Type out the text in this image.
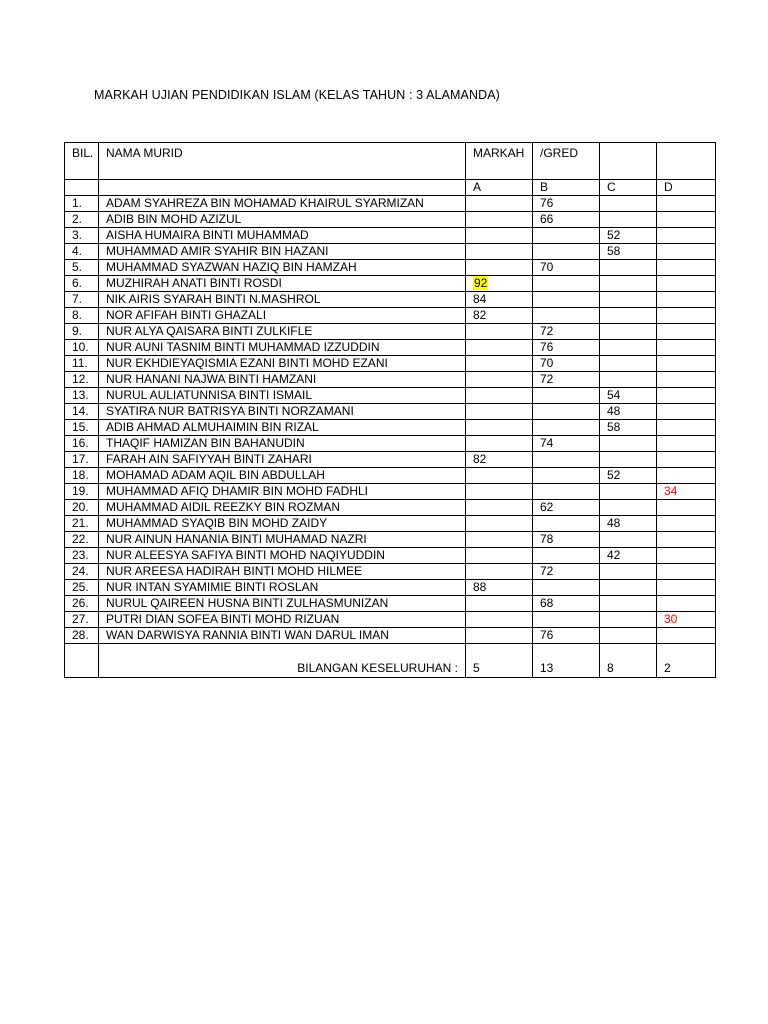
MARKAH UJIAN PENDIDIKAN ISLAM (KELAS TAHUN : 3 ALAMANDA)
BIL.	NAMA MURID	MARKAH	/GRED		
		A	B	C	D
1.	ADAM SYAHREZA BIN MOHAMAD KHAIRUL SYARMIZAN		76		
2.	ADIB BIN MOHD AZIZUL		66		
3.	AISHA HUMAIRA BINTI MUHAMMAD			52	
4.	MUHAMMAD AMIR SYAHIR BIN HAZANI			58	
5.	MUHAMMAD SYAZWAN HAZIQ BIN HAMZAH		70		
6.	MUZHIRAH ANATI BINTI ROSDI	92			
7.	NIK AIRIS SYARAH BINTI N.MASHROL	84			
8.	NOR AFIFAH BINTI GHAZALI	82			
9.	NUR ALYA QAISARA BINTI ZULKIFLE		72		
10.	NUR AUNI TASNIM BINTI MUHAMMAD IZZUDDIN		76		
11.	NUR EKHDIEYAQISMIA EZANI BINTI MOHD EZANI		70		
12.	NUR HANANI NAJWA BINTI HAMZANI		72		
13.	NURUL AULIATUNNISA BINTI ISMAIL			54	
14.	SYATIRA NUR BATRISYA BINTI NORZAMANI			48	
15.	ADIB AHMAD ALMUHAIMIN BIN RIZAL			58	
16.	THAQIF HAMIZAN BIN BAHANUDIN		74		
17.	FARAH AIN SAFIYYAH BINTI ZAHARI	82			
18.	MOHAMAD ADAM AQIL BIN ABDULLAH			52	
19.	MUHAMMAD AFIQ DHAMIR BIN MOHD FADHLI				34
20.	MUHAMMAD AIDIL REEZKY BIN ROZMAN		62		
21.	MUHAMMAD SYAQIB BIN MOHD ZAIDY			48	
22.	NUR AINUN HANANIA BINTI MUHAMAD NAZRI		78		
23.	NUR ALEESYA SAFIYA BINTI MOHD NAQIYUDDIN			42	
24.	NUR AREESA HADIRAH BINTI MOHD HILMEE		72		
25.	NUR INTAN SYAMIMIE BINTI ROSLAN	88			
26.	NURUL QAIREEN HUSNA BINTI ZULHASMUNIZAN		68		
27.	PUTRI DIAN SOFEA BINTI MOHD RIZUAN				30
28.	WAN DARWISYA RANNIA BINTI WAN DARUL IMAN		76		
	BILANGAN KESELURUHAN :	5	13	8	2
